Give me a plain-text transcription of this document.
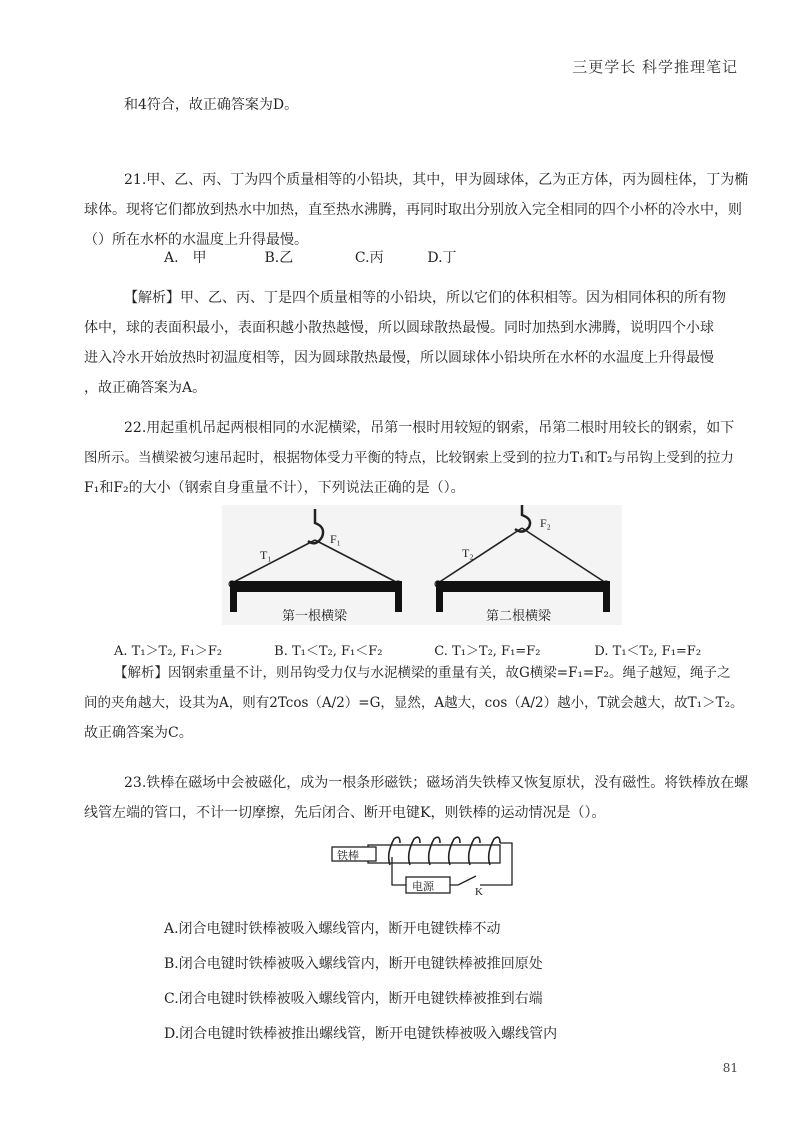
三更学长 科学推理笔记

和4符合，故正确答案为D。

21.甲、乙、丙、丁为四个质量相等的小铅块，其中，甲为圆球体，乙为正方体，丙为圆柱体，丁为椭
球体。现将它们都放到热水中加热，直至热水沸腾，再同时取出分别放入完全相同的四个小杯的冷水中，则
（）所在水杯的水温度上升得最慢。

A.　甲	B.乙	C.丙	D.丁

【解析】甲、乙、丙、丁是四个质量相等的小铅块，所以它们的体积相等。因为相同体积的所有物
体中，球的表面积最小，表面积越小散热越慢，所以圆球散热最慢。同时加热到水沸腾，说明四个小球
进入冷水开始放热时初温度相等，因为圆球散热最慢，所以圆球体小铅块所在水杯的水温度上升得最慢
，故正确答案为A。

22.用起重机吊起两根相同的水泥横梁，吊第一根时用较短的钢索，吊第二根时用较长的钢索，如下
图所示。当横梁被匀速吊起时，根据物体受力平衡的特点，比较钢索上受到的拉力T₁和T₂与吊钩上受到的拉力
F₁和F₂的大小（钢索自身重量不计），下列说法正确的是（）。

T₁
F₁
第一根横梁
T₂
F₂
第二根横梁
A. T₁＞T₂, F₁＞F₂	B. T₁＜T₂, F₁＜F₂	C. T₁＞T₂, F₁=F₂	D. T₁＜T₂, F₁=F₂

【解析】因钢索重量不计，则吊钩受力仅与水泥横梁的重量有关，故G横梁=F₁=F₂。绳子越短，绳子之
间的夹角越大，设其为A，则有2Tcos（A/2）=G，显然，A越大，cos（A/2）越小，T就会越大，故T₁＞T₂。
故正确答案为C。

23.铁棒在磁场中会被磁化，成为一根条形磁铁；磁场消失铁棒又恢复原状，没有磁性。将铁棒放在螺
线管左端的管口，不计一切摩擦，先后闭合、断开电键K，则铁棒的运动情况是（）。

铁棒
电源	K
A.闭合电键时铁棒被吸入螺线管内，断开电键铁棒不动
B.闭合电键时铁棒被吸入螺线管内，断开电键铁棒被推回原处
C.闭合电键时铁棒被吸入螺线管内，断开电键铁棒被推到右端
D.闭合电键时铁棒被推出螺线管，断开电键铁棒被吸入螺线管内
81
